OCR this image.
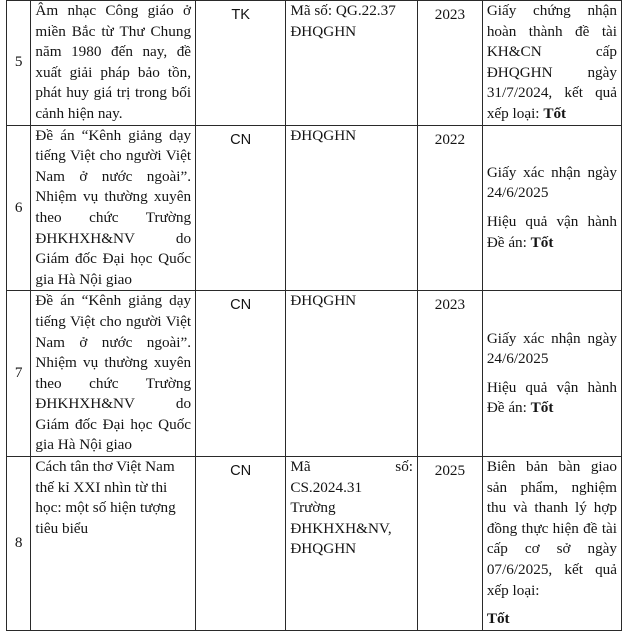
5	Âm nhạc Công giáo ở miền Bắc từ Thư Chung năm 1980 đến nay, đề xuất giải pháp bảo tồn, phát huy giá trị trong bối cảnh hiện nay.	TK	Mã số: QG.22.37 ĐHQGHN	2023	Giấy chứng nhận hoàn thành đề tài KH&CN cấp ĐHQGHN ngày 31/7/2024, kết quả xếp loại: Tốt
6	Đề án “Kênh giảng dạy tiếng Việt cho người Việt Nam ở nước ngoài”. Nhiệm vụ thường xuyên theo chức Trường ĐHKHXH&NV do Giám đốc Đại học Quốc gia Hà Nội giao	CN	ĐHQGHN	2022	Giấy xác nhận ngày 24/6/2025
Hiệu quả vận hành Đề án: Tốt
7	Đề án “Kênh giảng dạy tiếng Việt cho người Việt Nam ở nước ngoài”. Nhiệm vụ thường xuyên theo chức Trường ĐHKHXH&NV do Giám đốc Đại học Quốc gia Hà Nội giao	CN	ĐHQGHN	2023	Giấy xác nhận ngày 24/6/2025
Hiệu quả vận hành Đề án: Tốt
8	Cách tân thơ Việt Nam thế kỉ XXI nhìn từ thi học: một số hiện tượng tiêu biểu	CN	Mã số:
CS.2024.31
Trường ĐHKHXH&NV, ĐHQGHN	2025	Biên bản bàn giao sản phẩm, nghiệm thu và thanh lý hợp đồng thực hiện đề tài cấp cơ sở ngày 07/6/2025, kết quả xếp loại:
Tốt
